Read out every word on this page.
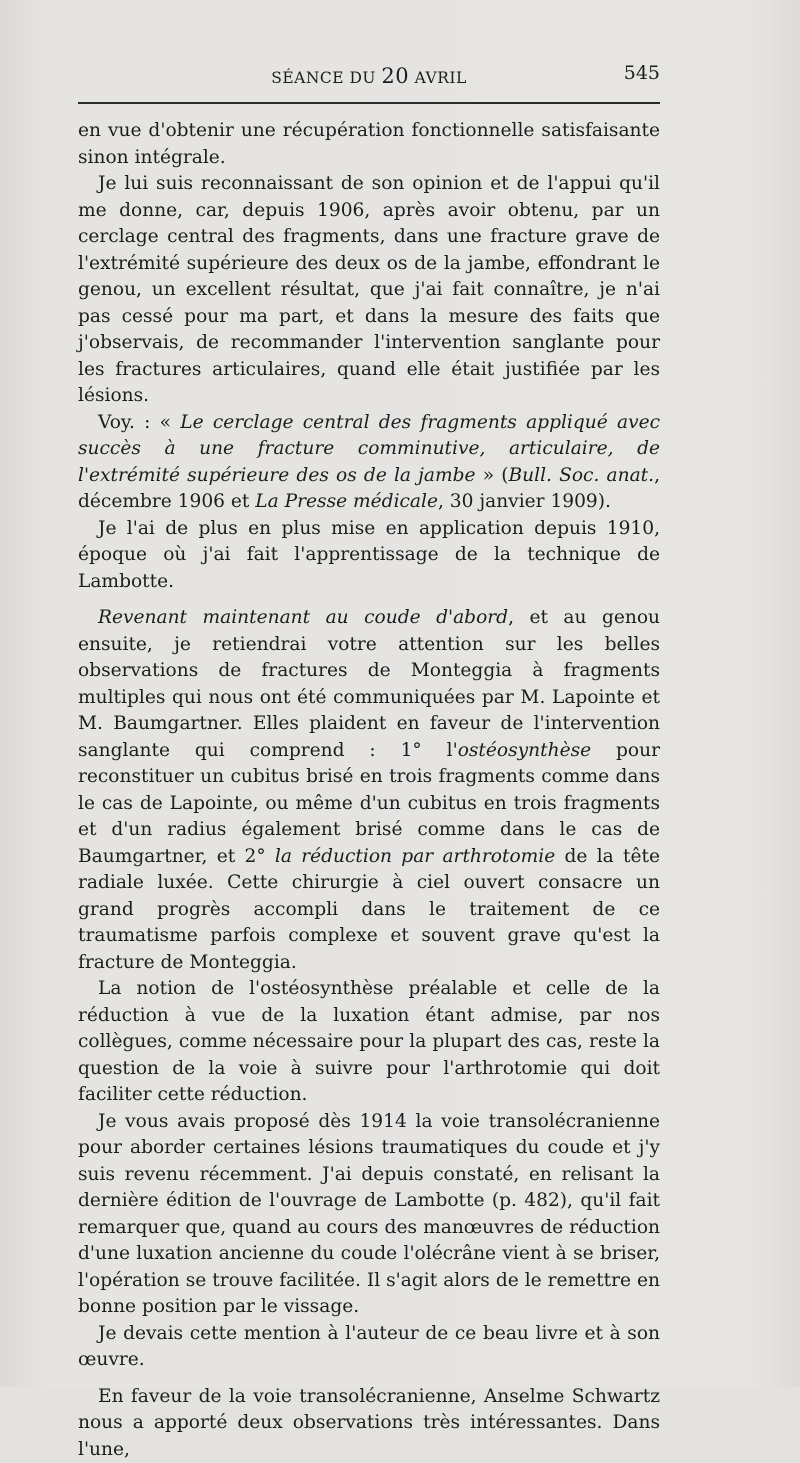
SÉANCE DU 20 AVRIL	545

en vue d'obtenir une récupération fonctionnelle satisfaisante sinon intégrale.

Je lui suis reconnaissant de son opinion et de l'appui qu'il me donne, car, depuis 1906, après avoir obtenu, par un cerclage central des fragments, dans une fracture grave de l'extrémité supérieure des deux os de la jambe, effondrant le genou, un excellent résultat, que j'ai fait connaître, je n'ai pas cessé pour ma part, et dans la mesure des faits que j'observais, de recommander l'intervention sanglante pour les fractures articulaires, quand elle était justifiée par les lésions.

Voy. : « Le cerclage central des fragments appliqué avec succès à une fracture comminutive, articulaire, de l'extrémité supérieure des os de la jambe » (Bull. Soc. anat., décembre 1906 et La Presse médicale, 30 janvier 1909).

Je l'ai de plus en plus mise en application depuis 1910, époque où j'ai fait l'apprentissage de la technique de Lambotte.

Revenant maintenant au coude d'abord, et au genou ensuite, je retiendrai votre attention sur les belles observations de fractures de Monteggia à fragments multiples qui nous ont été communiquées par M. Lapointe et M. Baumgartner. Elles plaident en faveur de l'intervention sanglante qui comprend : 1° l'ostéosynthèse pour reconstituer un cubitus brisé en trois fragments comme dans le cas de Lapointe, ou même d'un cubitus en trois fragments et d'un radius également brisé comme dans le cas de Baumgartner, et 2° la réduction par arthrotomie de la tête radiale luxée. Cette chirurgie à ciel ouvert consacre un grand progrès accompli dans le traitement de ce traumatisme parfois complexe et souvent grave qu'est la fracture de Monteggia.

La notion de l'ostéosynthèse préalable et celle de la réduction à vue de la luxation étant admise, par nos collègues, comme nécessaire pour la plupart des cas, reste la question de la voie à suivre pour l'arthrotomie qui doit faciliter cette réduction.

Je vous avais proposé dès 1914 la voie transolécranienne pour aborder certaines lésions traumatiques du coude et j'y suis revenu récemment. J'ai depuis constaté, en relisant la dernière édition de l'ouvrage de Lambotte (p. 482), qu'il fait remarquer que, quand au cours des manœuvres de réduction d'une luxation ancienne du coude l'olécrâne vient à se briser, l'opération se trouve facilitée. Il s'agit alors de le remettre en bonne position par le vissage.

Je devais cette mention à l'auteur de ce beau livre et à son œuvre.

En faveur de la voie transolécranienne, Anselme Schwartz nous a apporté deux observations très intéressantes. Dans l'une,
